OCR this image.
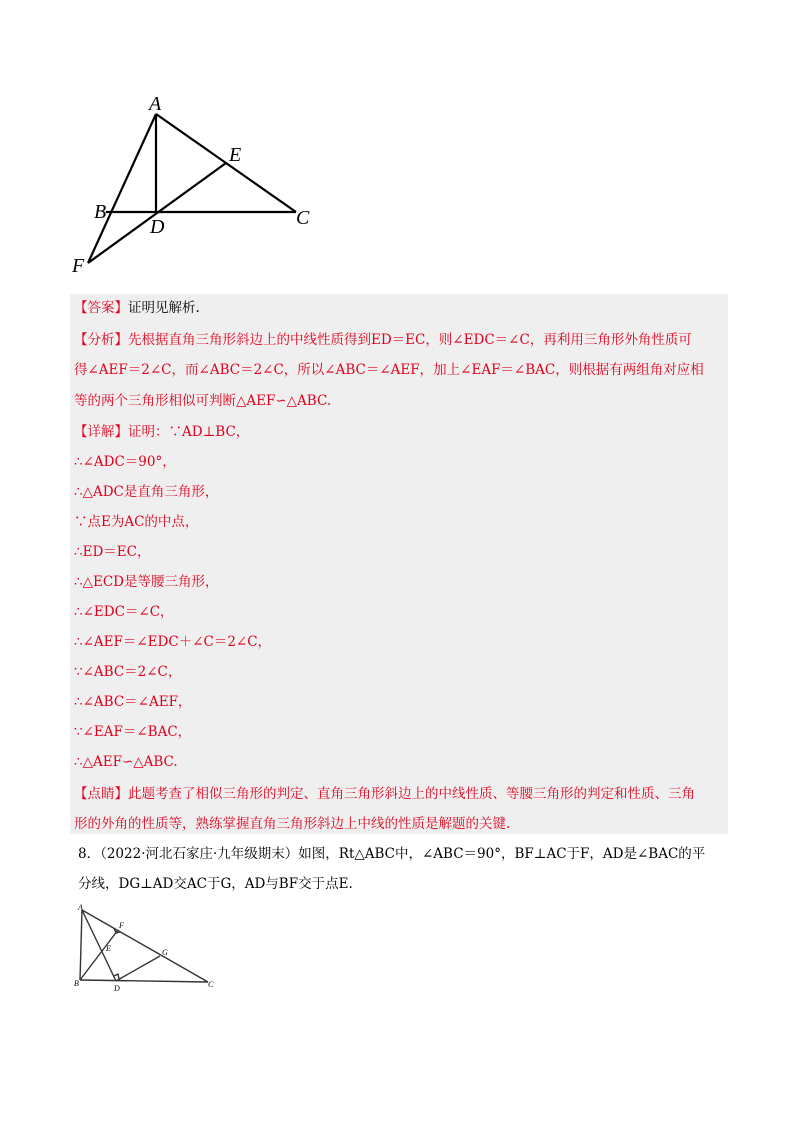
A
E
B
D	C
F
【答案】证明见解析.
【分析】先根据直角三角形斜边上的中线性质得到ED＝EC，则∠EDC＝∠C，再利用三角形外角性质可
得∠AEF＝2∠C，而∠ABC＝2∠C，所以∠ABC＝∠AEF，加上∠EAF＝∠BAC，则根据有两组角对应相
等的两个三角形相似可判断△AEF∽△ABC.
【详解】证明：∵AD⊥BC，
∴∠ADC＝90°，
∴△ADC是直角三角形，
∵点E为AC的中点，
∴ED＝EC，
∴△ECD是等腰三角形，
∴∠EDC＝∠C，
∴∠AEF＝∠EDC＋∠C＝2∠C，
∵∠ABC＝2∠C，
∴∠ABC＝∠AEF，
∵∠EAF＝∠BAC，
∴△AEF∽△ABC.
【点睛】此题考查了相似三角形的判定、直角三角形斜边上的中线性质、等腰三角形的判定和性质、三角
形的外角的性质等，熟练掌握直角三角形斜边上中线的性质是解题的关键.
8．（2022·河北石家庄·九年级期末）如图，Rt△ABC中，∠ABC＝90°，BF⊥AC于F，AD是∠BAC的平
分线，DG⊥AD交AC于G，AD与BF交于点E.
A
F
E	G
B
D	C
